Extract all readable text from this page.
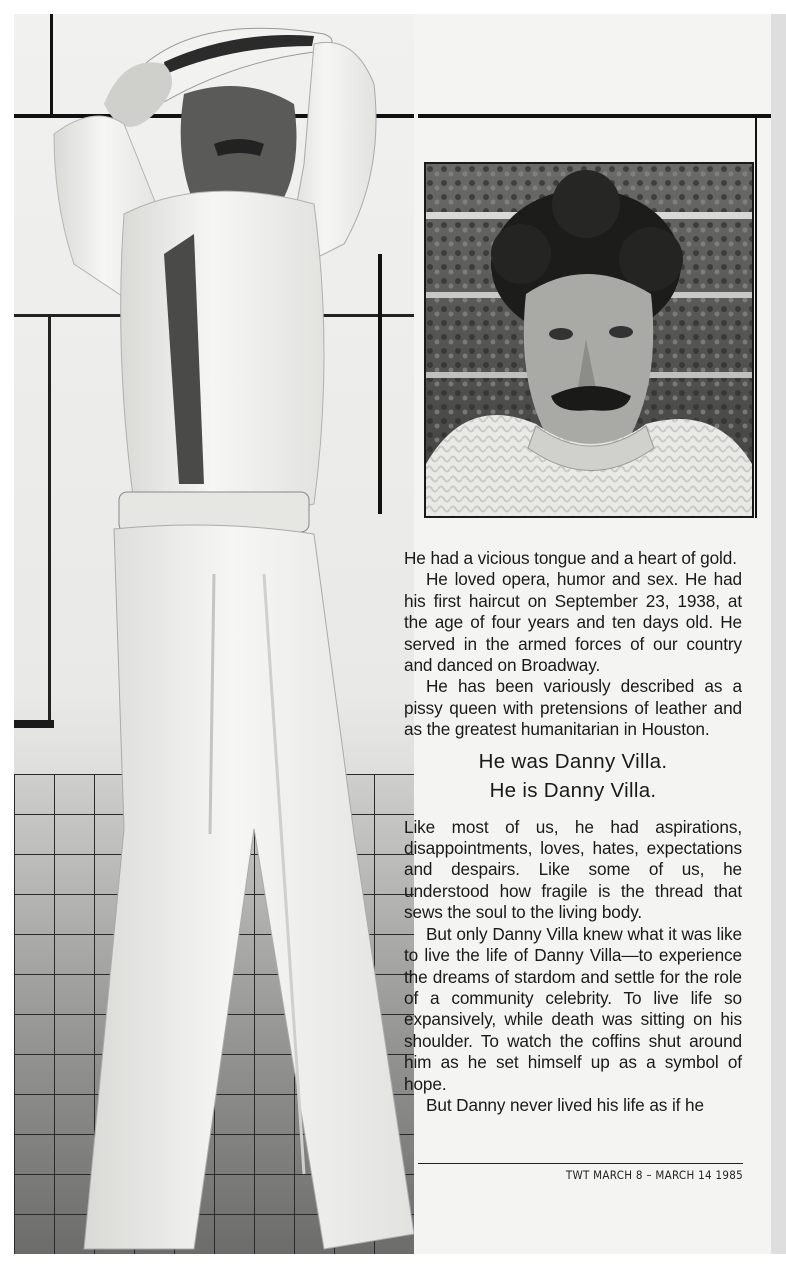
He had a vicious tongue and a heart of gold.

He loved opera, humor and sex. He had his first haircut on September 23, 1938, at the age of four years and ten days old. He served in the armed forces of our country and danced on Broadway.

He has been variously described as a pissy queen with pretensions of leather and as the greatest humanitarian in Houston.

He was Danny Villa.
He is Danny Villa.

Like most of us, he had aspirations, disappointments, loves, hates, expectations and despairs. Like some of us, he understood how fragile is the thread that sews the soul to the living body.

But only Danny Villa knew what it was like to live the life of Danny Villa—to experience the dreams of stardom and settle for the role of a community celebrity. To live life so expansively, while death was sitting on his shoulder. To watch the coffins shut around him as he set himself up as a symbol of hope.

But Danny never lived his life as if he

TWT MARCH 8 – MARCH 14 1985
